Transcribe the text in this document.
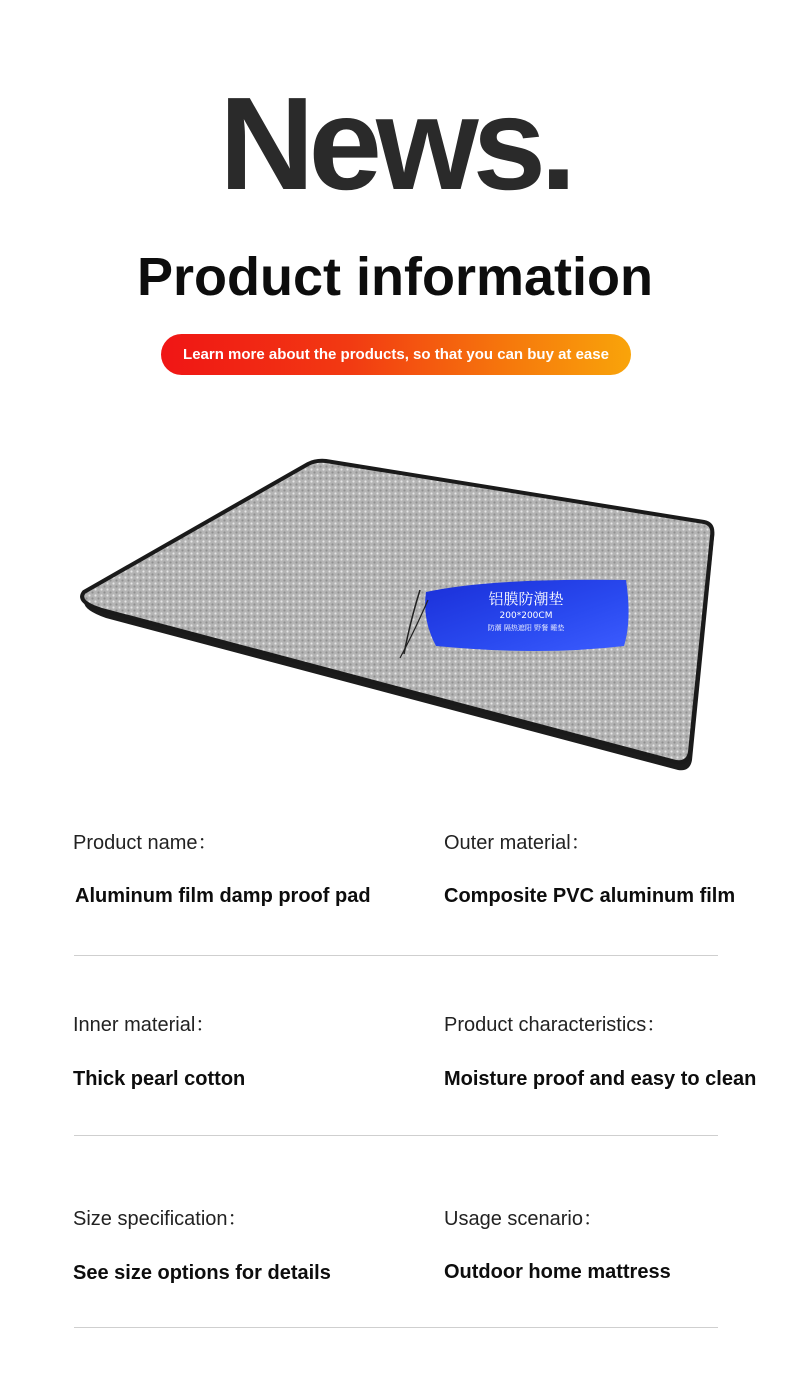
News.
Product information
Learn more about the products, so that you can buy at ease
铝膜防潮垫
200*200CM
防潮 隔热遮阳 野餐 睡垫
Product name：
Aluminum film damp proof pad
Outer material：
Composite PVC aluminum film
Inner material：
Thick pearl cotton
Product characteristics：
Moisture proof and easy to clean
Size specification：
See size options for details
Usage scenario：
Outdoor home mattress
